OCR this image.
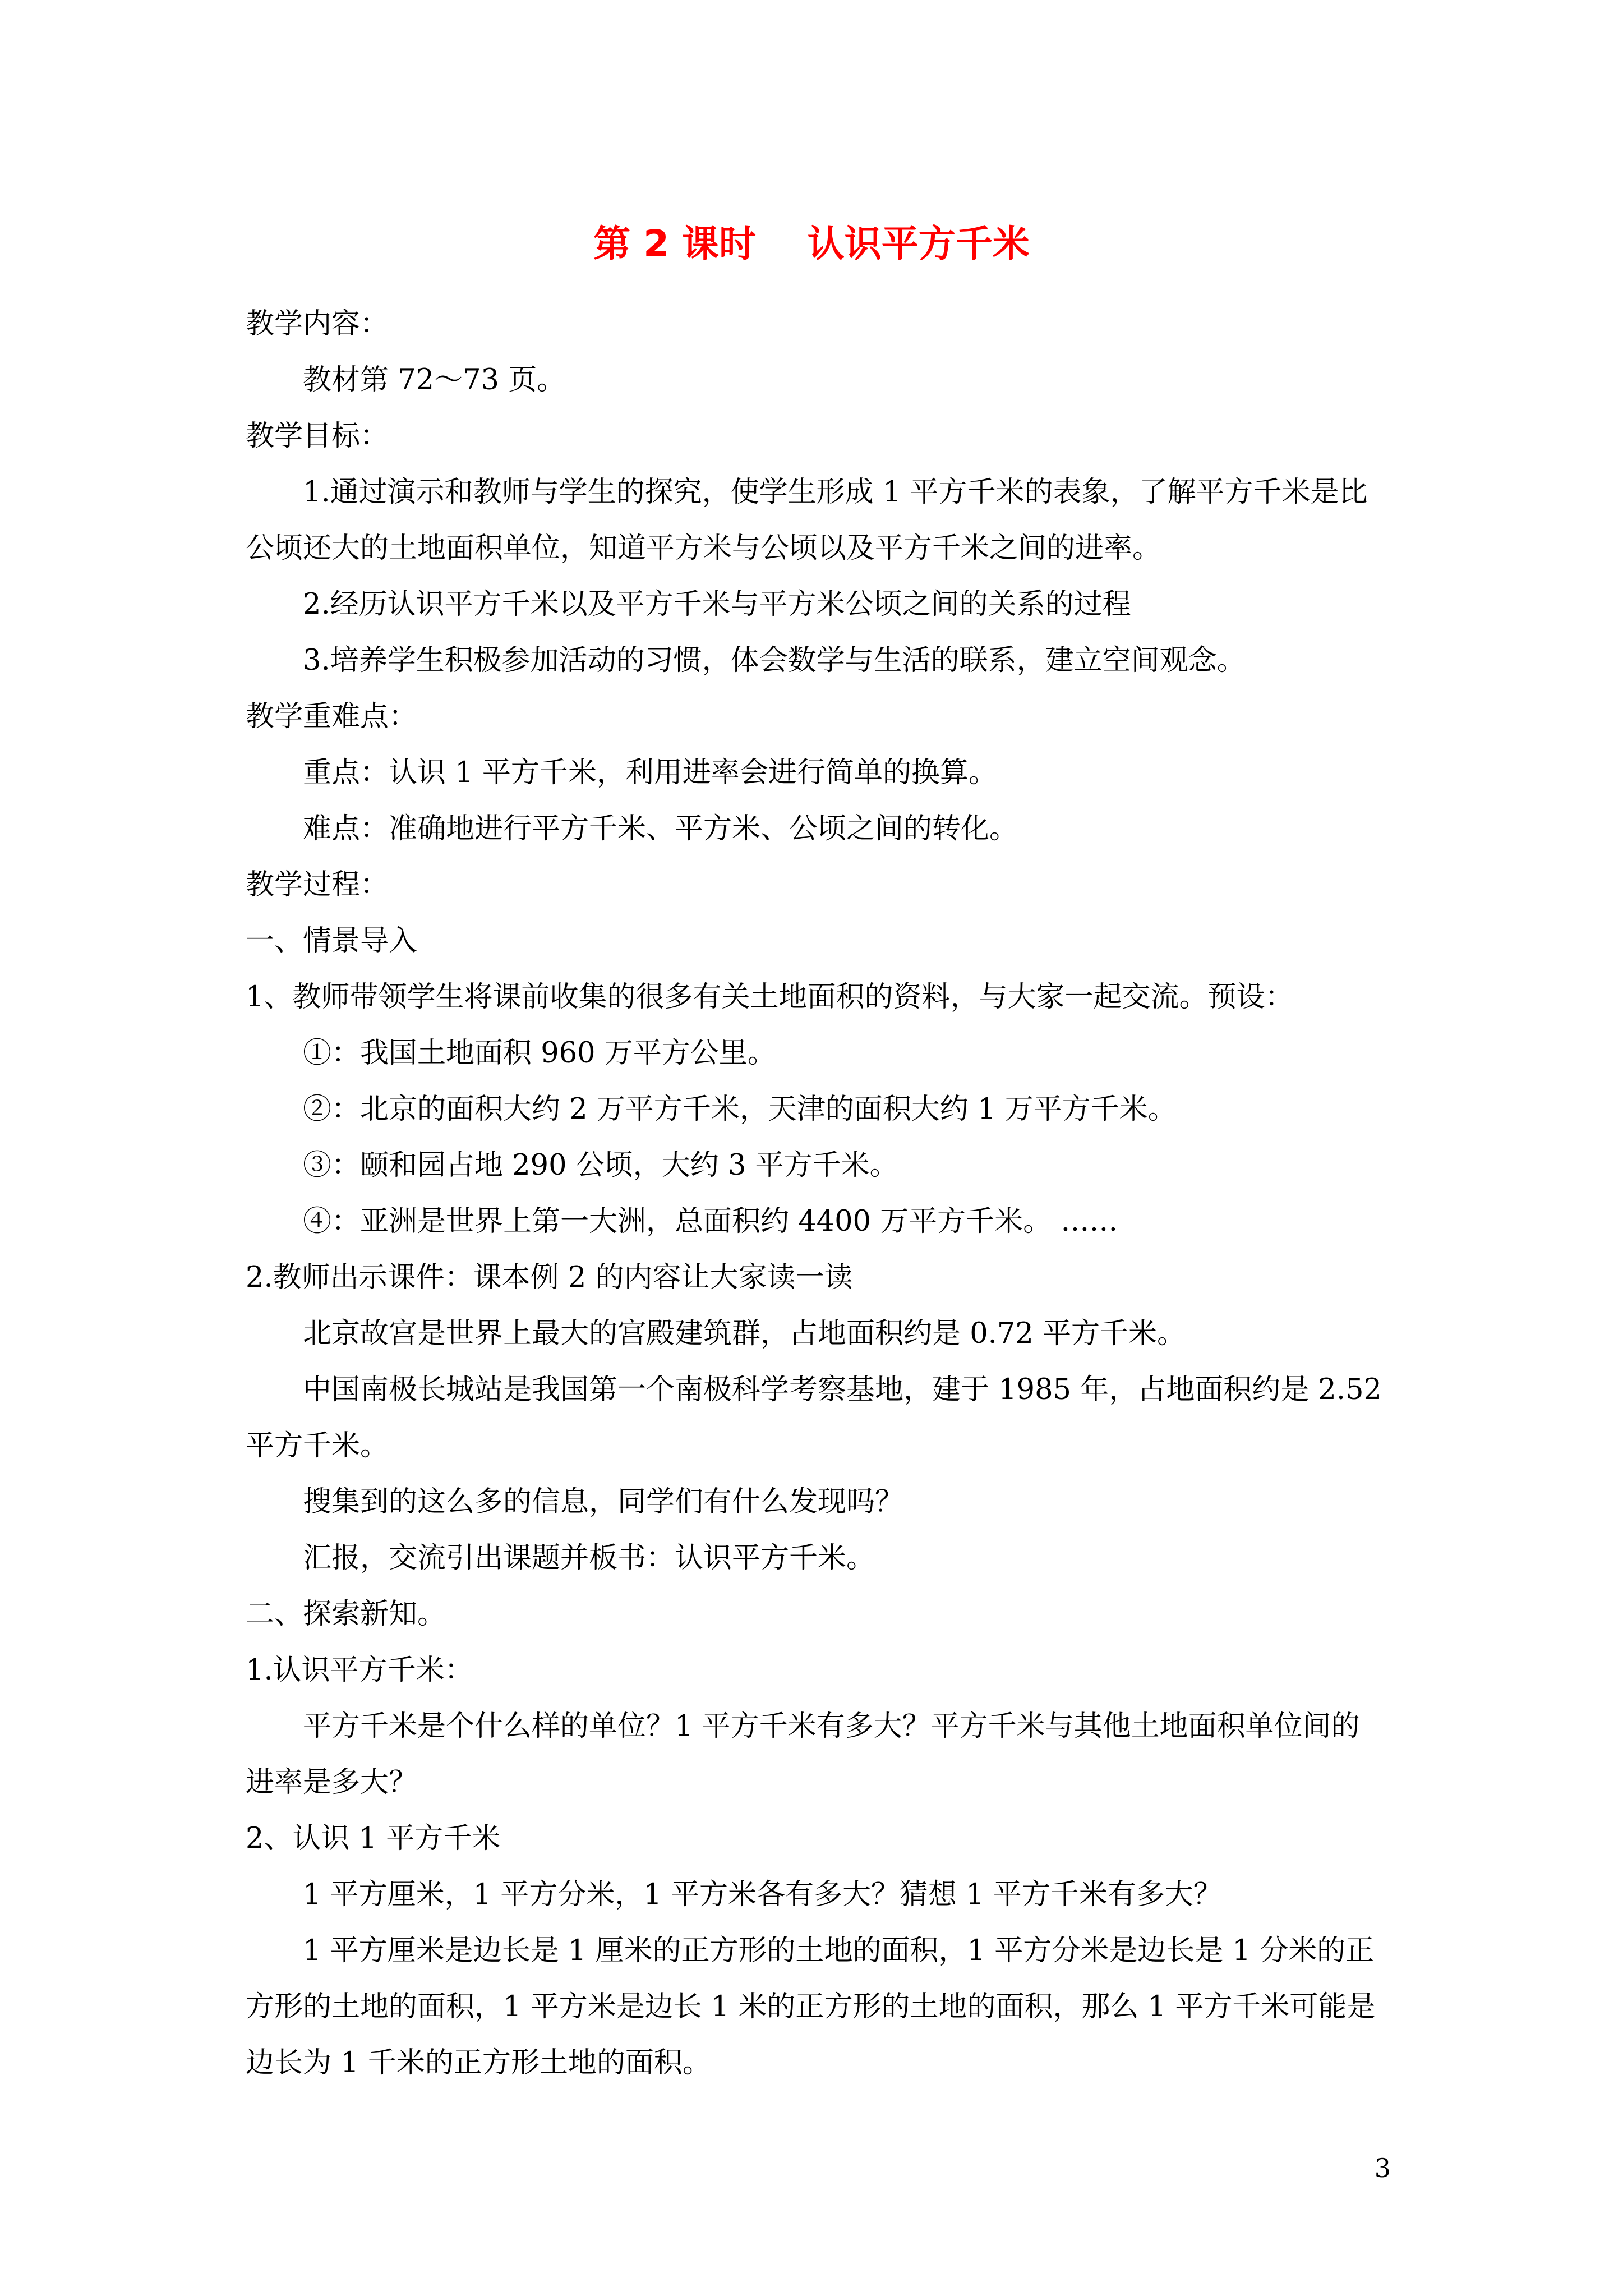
第 2 课时    认识平方千米

教学内容：

教材第 72～73 页。

教学目标：

1.通过演示和教师与学生的探究，使学生形成 1 平方千米的表象，了解平方千米是比公顷还大的土地面积单位，知道平方米与公顷以及平方千米之间的进率。

2.经历认识平方千米以及平方千米与平方米公顷之间的关系的过程

3.培养学生积极参加活动的习惯，体会数学与生活的联系，建立空间观念。

教学重难点：

重点：认识 1 平方千米，利用进率会进行简单的换算。

难点：准确地进行平方千米、平方米、公顷之间的转化。

教学过程：

一、情景导入

1、教师带领学生将课前收集的很多有关土地面积的资料，与大家一起交流。预设：

①：我国土地面积 960 万平方公里。

②：北京的面积大约 2 万平方千米，天津的面积大约 1 万平方千米。

③：颐和园占地 290 公顷，大约 3 平方千米。

④：亚洲是世界上第一大洲，总面积约 4400 万平方千米。 ……

2.教师出示课件：课本例 2 的内容让大家读一读

北京故宫是世界上最大的宫殿建筑群，占地面积约是 0.72 平方千米。

中国南极长城站是我国第一个南极科学考察基地，建于 1985 年，占地面积约是 2.52 平方千米。

搜集到的这么多的信息，同学们有什么发现吗？

汇报，交流引出课题并板书：认识平方千米。

二、探索新知。

1.认识平方千米：

平方千米是个什么样的单位？1 平方千米有多大？平方千米与其他土地面积单位间的进率是多大？

2、认识 1 平方千米

1 平方厘米，1 平方分米，1 平方米各有多大？猜想 1 平方千米有多大？

1 平方厘米是边长是 1 厘米的正方形的土地的面积，1 平方分米是边长是 1 分米的正方形的土地的面积，1 平方米是边长 1 米的正方形的土地的面积，那么 1 平方千米可能是边长为 1 千米的正方形土地的面积。

3
